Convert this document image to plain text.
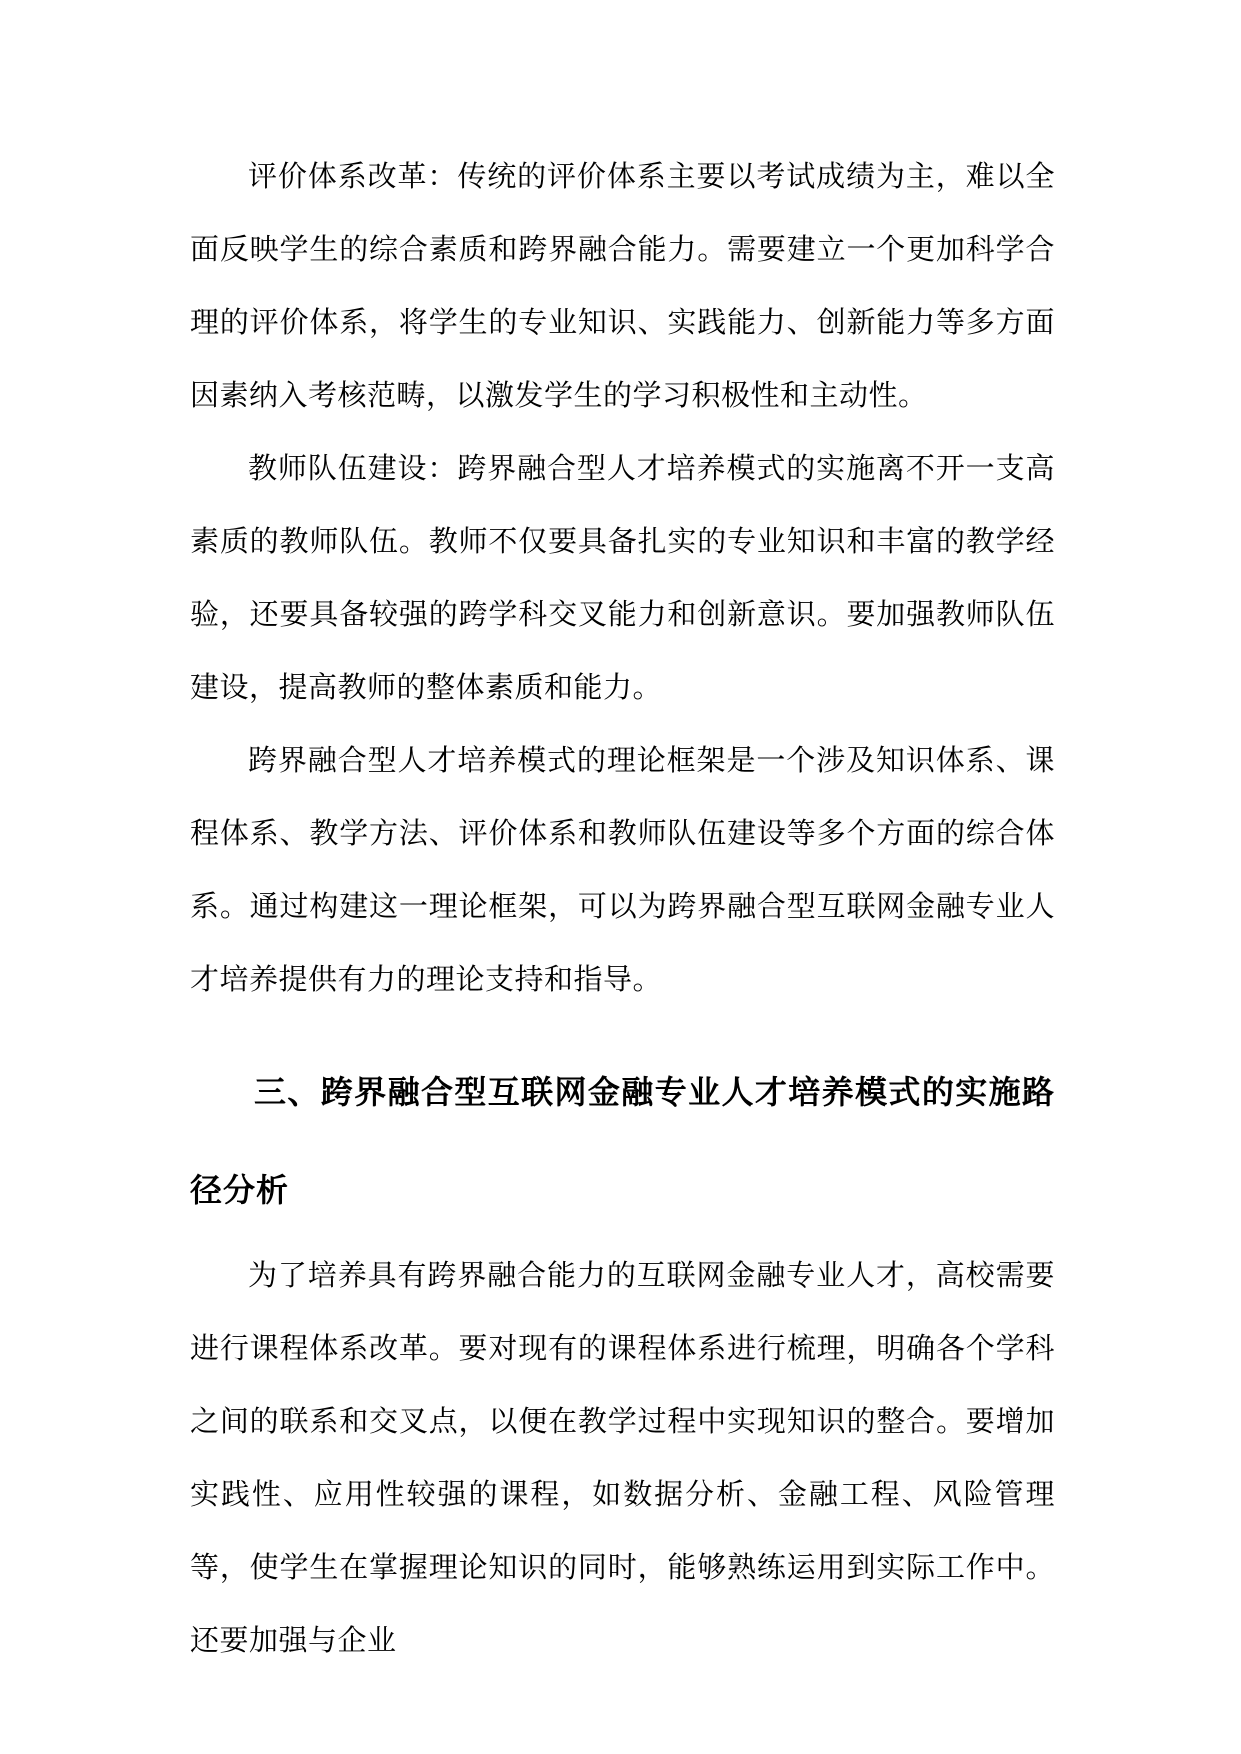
评价体系改革：传统的评价体系主要以考试成绩为主，难以全面反映学生的综合素质和跨界融合能力。需要建立一个更加科学合理的评价体系，将学生的专业知识、实践能力、创新能力等多方面因素纳入考核范畴，以激发学生的学习积极性和主动性。

教师队伍建设：跨界融合型人才培养模式的实施离不开一支高素质的教师队伍。教师不仅要具备扎实的专业知识和丰富的教学经验，还要具备较强的跨学科交叉能力和创新意识。要加强教师队伍建设，提高教师的整体素质和能力。

跨界融合型人才培养模式的理论框架是一个涉及知识体系、课程体系、教学方法、评价体系和教师队伍建设等多个方面的综合体系。通过构建这一理论框架，可以为跨界融合型互联网金融专业人才培养提供有力的理论支持和指导。

三、跨界融合型互联网金融专业人才培养模式的实施路径分析

为了培养具有跨界融合能力的互联网金融专业人才，高校需要进行课程体系改革。要对现有的课程体系进行梳理，明确各个学科之间的联系和交叉点，以便在教学过程中实现知识的整合。要增加实践性、应用性较强的课程，如数据分析、金融工程、风险管理等，使学生在掌握理论知识的同时，能够熟练运用到实际工作中。还要加强与企业
